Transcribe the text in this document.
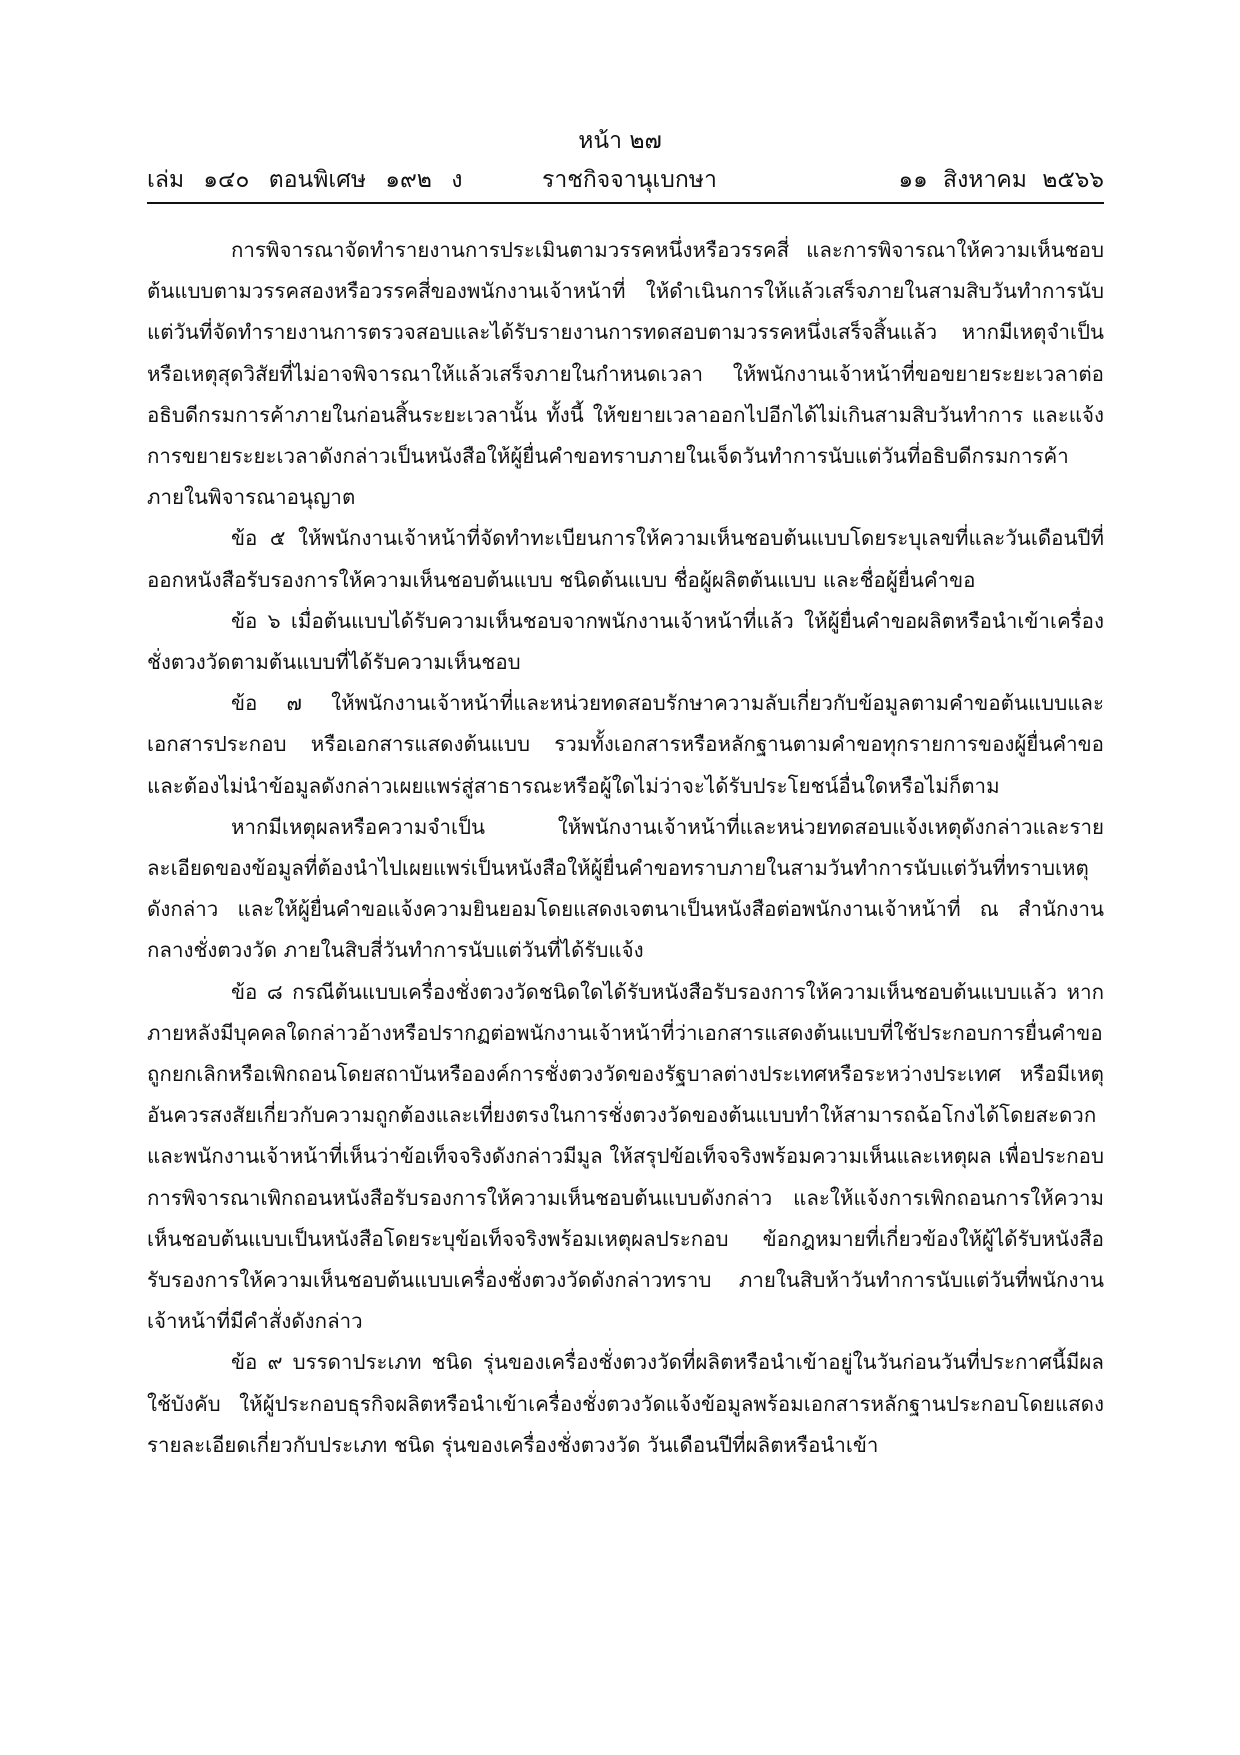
หน้า ๒๗
เล่ม ๑๔๐ ตอนพิเศษ ๑๙๒ ง	ราชกิจจานุเบกษา	๑๑ สิงหาคม ๒๕๖๖

การพิจารณาจัดทำรายงานการประเมินตามวรรคหนึ่งหรือวรรคสี่ และการพิจารณาให้ความเห็นชอบต้นแบบตามวรรคสองหรือวรรคสี่ของพนักงานเจ้าหน้าที่ ให้ดำเนินการให้แล้วเสร็จภายในสามสิบวันทำการนับแต่วันที่จัดทำรายงานการตรวจสอบและได้รับรายงานการทดสอบตามวรรคหนึ่งเสร็จสิ้นแล้ว หากมีเหตุจำเป็นหรือเหตุสุดวิสัยที่ไม่อาจพิจารณาให้แล้วเสร็จภายในกำหนดเวลา ให้พนักงานเจ้าหน้าที่ขอขยายระยะเวลาต่ออธิบดีกรมการค้าภายในก่อนสิ้นระยะเวลานั้น ทั้งนี้ ให้ขยายเวลาออกไปอีกได้ไม่เกินสามสิบวันทำการ และแจ้งการขยายระยะเวลาดังกล่าวเป็นหนังสือให้ผู้ยื่นคำขอทราบภายในเจ็ดวันทำการนับแต่วันที่อธิบดีกรมการค้าภายในพิจารณาอนุญาต

ข้อ ๕ ให้พนักงานเจ้าหน้าที่จัดทำทะเบียนการให้ความเห็นชอบต้นแบบโดยระบุเลขที่และวันเดือนปีที่ออกหนังสือรับรองการให้ความเห็นชอบต้นแบบ ชนิดต้นแบบ ชื่อผู้ผลิตต้นแบบ และชื่อผู้ยื่นคำขอ

ข้อ ๖ เมื่อต้นแบบได้รับความเห็นชอบจากพนักงานเจ้าหน้าที่แล้ว ให้ผู้ยื่นคำขอผลิตหรือนำเข้าเครื่องชั่งตวงวัดตามต้นแบบที่ได้รับความเห็นชอบ

ข้อ ๗ ให้พนักงานเจ้าหน้าที่และหน่วยทดสอบรักษาความลับเกี่ยวกับข้อมูลตามคำขอต้นแบบและเอกสารประกอบ หรือเอกสารแสดงต้นแบบ รวมทั้งเอกสารหรือหลักฐานตามคำขอทุกรายการของผู้ยื่นคำขอและต้องไม่นำข้อมูลดังกล่าวเผยแพร่สู่สาธารณะหรือผู้ใดไม่ว่าจะได้รับประโยชน์อื่นใดหรือไม่ก็ตาม

หากมีเหตุผลหรือความจำเป็น ให้พนักงานเจ้าหน้าที่และหน่วยทดสอบแจ้งเหตุดังกล่าวและรายละเอียดของข้อมูลที่ต้องนำไปเผยแพร่เป็นหนังสือให้ผู้ยื่นคำขอทราบภายในสามวันทำการนับแต่วันที่ทราบเหตุดังกล่าว และให้ผู้ยื่นคำขอแจ้งความยินยอมโดยแสดงเจตนาเป็นหนังสือต่อพนักงานเจ้าหน้าที่ ณ สำนักงานกลางชั่งตวงวัด ภายในสิบสี่วันทำการนับแต่วันที่ได้รับแจ้ง

ข้อ ๘ กรณีต้นแบบเครื่องชั่งตวงวัดชนิดใดได้รับหนังสือรับรองการให้ความเห็นชอบต้นแบบแล้ว หากภายหลังมีบุคคลใดกล่าวอ้างหรือปรากฏต่อพนักงานเจ้าหน้าที่ว่าเอกสารแสดงต้นแบบที่ใช้ประกอบการยื่นคำขอถูกยกเลิกหรือเพิกถอนโดยสถาบันหรือองค์การชั่งตวงวัดของรัฐบาลต่างประเทศหรือระหว่างประเทศ หรือมีเหตุอันควรสงสัยเกี่ยวกับความถูกต้องและเที่ยงตรงในการชั่งตวงวัดของต้นแบบทำให้สามารถฉ้อโกงได้โดยสะดวก และพนักงานเจ้าหน้าที่เห็นว่าข้อเท็จจริงดังกล่าวมีมูล ให้สรุปข้อเท็จจริงพร้อมความเห็นและเหตุผล เพื่อประกอบการพิจารณาเพิกถอนหนังสือรับรองการให้ความเห็นชอบต้นแบบดังกล่าว และให้แจ้งการเพิกถอนการให้ความเห็นชอบต้นแบบเป็นหนังสือโดยระบุข้อเท็จจริงพร้อมเหตุผลประกอบ ข้อกฎหมายที่เกี่ยวข้องให้ผู้ได้รับหนังสือรับรองการให้ความเห็นชอบต้นแบบเครื่องชั่งตวงวัดดังกล่าวทราบ ภายในสิบห้าวันทำการนับแต่วันที่พนักงานเจ้าหน้าที่มีคำสั่งดังกล่าว

ข้อ ๙ บรรดาประเภท ชนิด รุ่นของเครื่องชั่งตวงวัดที่ผลิตหรือนำเข้าอยู่ในวันก่อนวันที่ประกาศนี้มีผลใช้บังคับ ให้ผู้ประกอบธุรกิจผลิตหรือนำเข้าเครื่องชั่งตวงวัดแจ้งข้อมูลพร้อมเอกสารหลักฐานประกอบโดยแสดงรายละเอียดเกี่ยวกับประเภท ชนิด รุ่นของเครื่องชั่งตวงวัด วันเดือนปีที่ผลิตหรือนำเข้า
